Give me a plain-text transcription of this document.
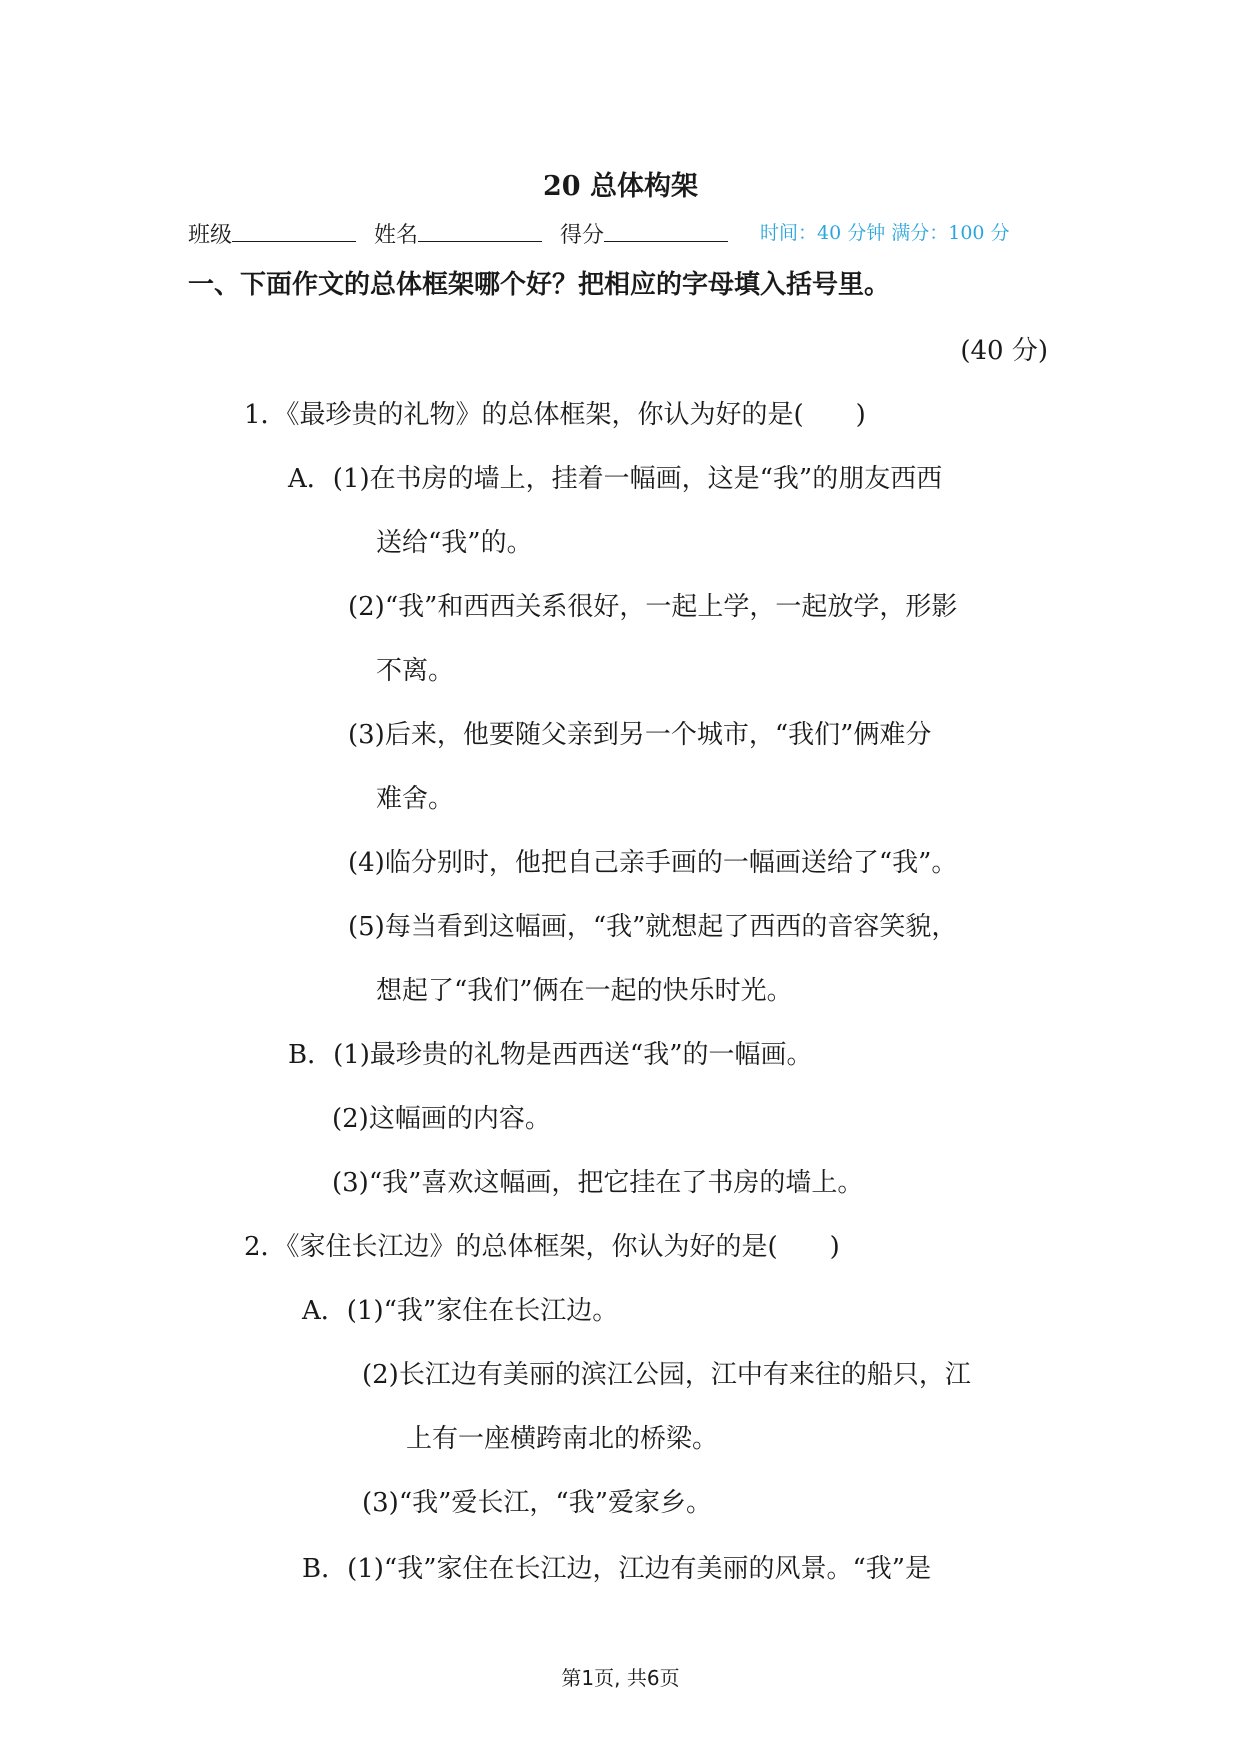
20 总体构架
班级	姓名	得分	时间：40 分钟 满分：100 分
一、下面作文的总体框架哪个好？把相应的字母填入括号里。
(40 分)
1．《最珍贵的礼物》的总体框架，你认为好的是(　　)
A．(1)在书房的墙上，挂着一幅画，这是“我”的朋友西西
送给“我”的。
(2)“我”和西西关系很好，一起上学，一起放学，形影
不离。
(3)后来，他要随父亲到另一个城市，“我们”俩难分
难舍。
(4)临分别时，他把自己亲手画的一幅画送给了“我”。
(5)每当看到这幅画，“我”就想起了西西的音容笑貌，
想起了“我们”俩在一起的快乐时光。
B．(1)最珍贵的礼物是西西送“我”的一幅画。
(2)这幅画的内容。
(3)“我”喜欢这幅画，把它挂在了书房的墙上。
2．《家住长江边》的总体框架，你认为好的是(　　)
A．(1)“我”家住在长江边。
(2)长江边有美丽的滨江公园，江中有来往的船只，江
上有一座横跨南北的桥梁。
(3)“我”爱长江，“我”爱家乡。
B．(1)“我”家住在长江边，江边有美丽的风景。“我”是
第1页, 共6页
